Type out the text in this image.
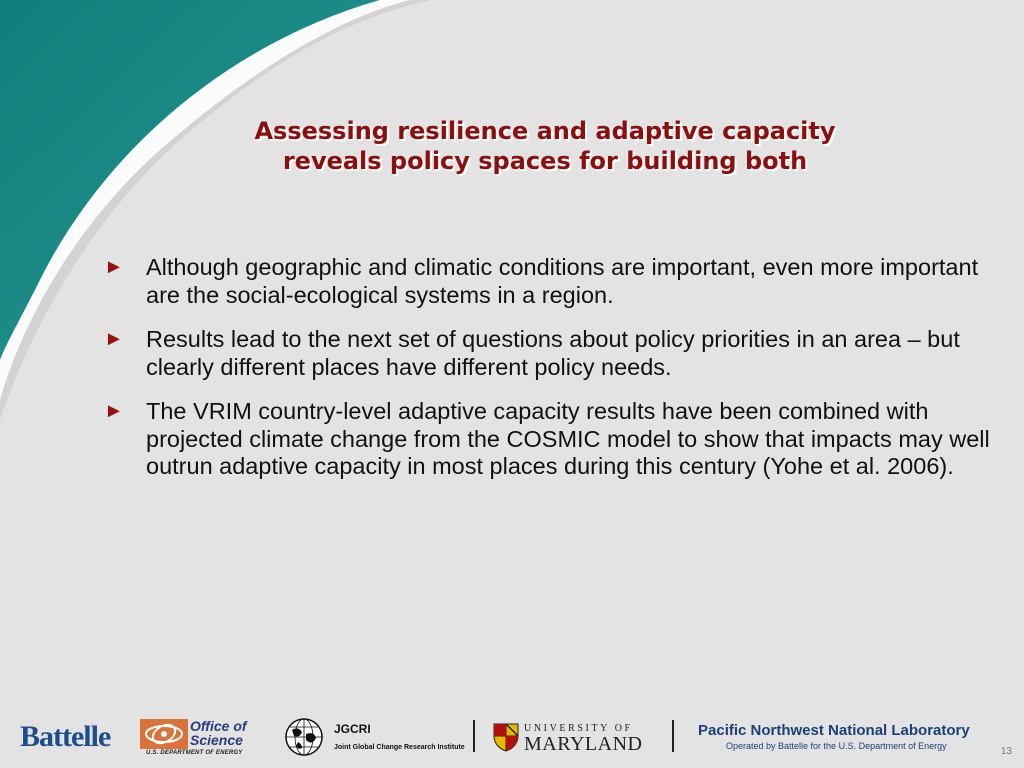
Assessing resilience and adaptive capacity
reveals policy spaces for building both
► Although geographic and climatic conditions are important, even more important are the social-ecological systems in a region.
► Results lead to the next set of questions about policy priorities in an area – but clearly different places have different policy needs.
► The VRIM country-level adaptive capacity results have been combined with projected climate change from the COSMIC model to show that impacts may well outrun adaptive capacity in most places during this century (Yohe et al. 2006).
Battelle	Office of
Science
U.S. DEPARTMENT OF ENERGY
JGCRI
Joint Global Change Research Institute
UNIVERSITY OF
MARYLAND
Pacific Northwest National Laboratory
Operated by Battelle for the U.S. Department of Energy	13
